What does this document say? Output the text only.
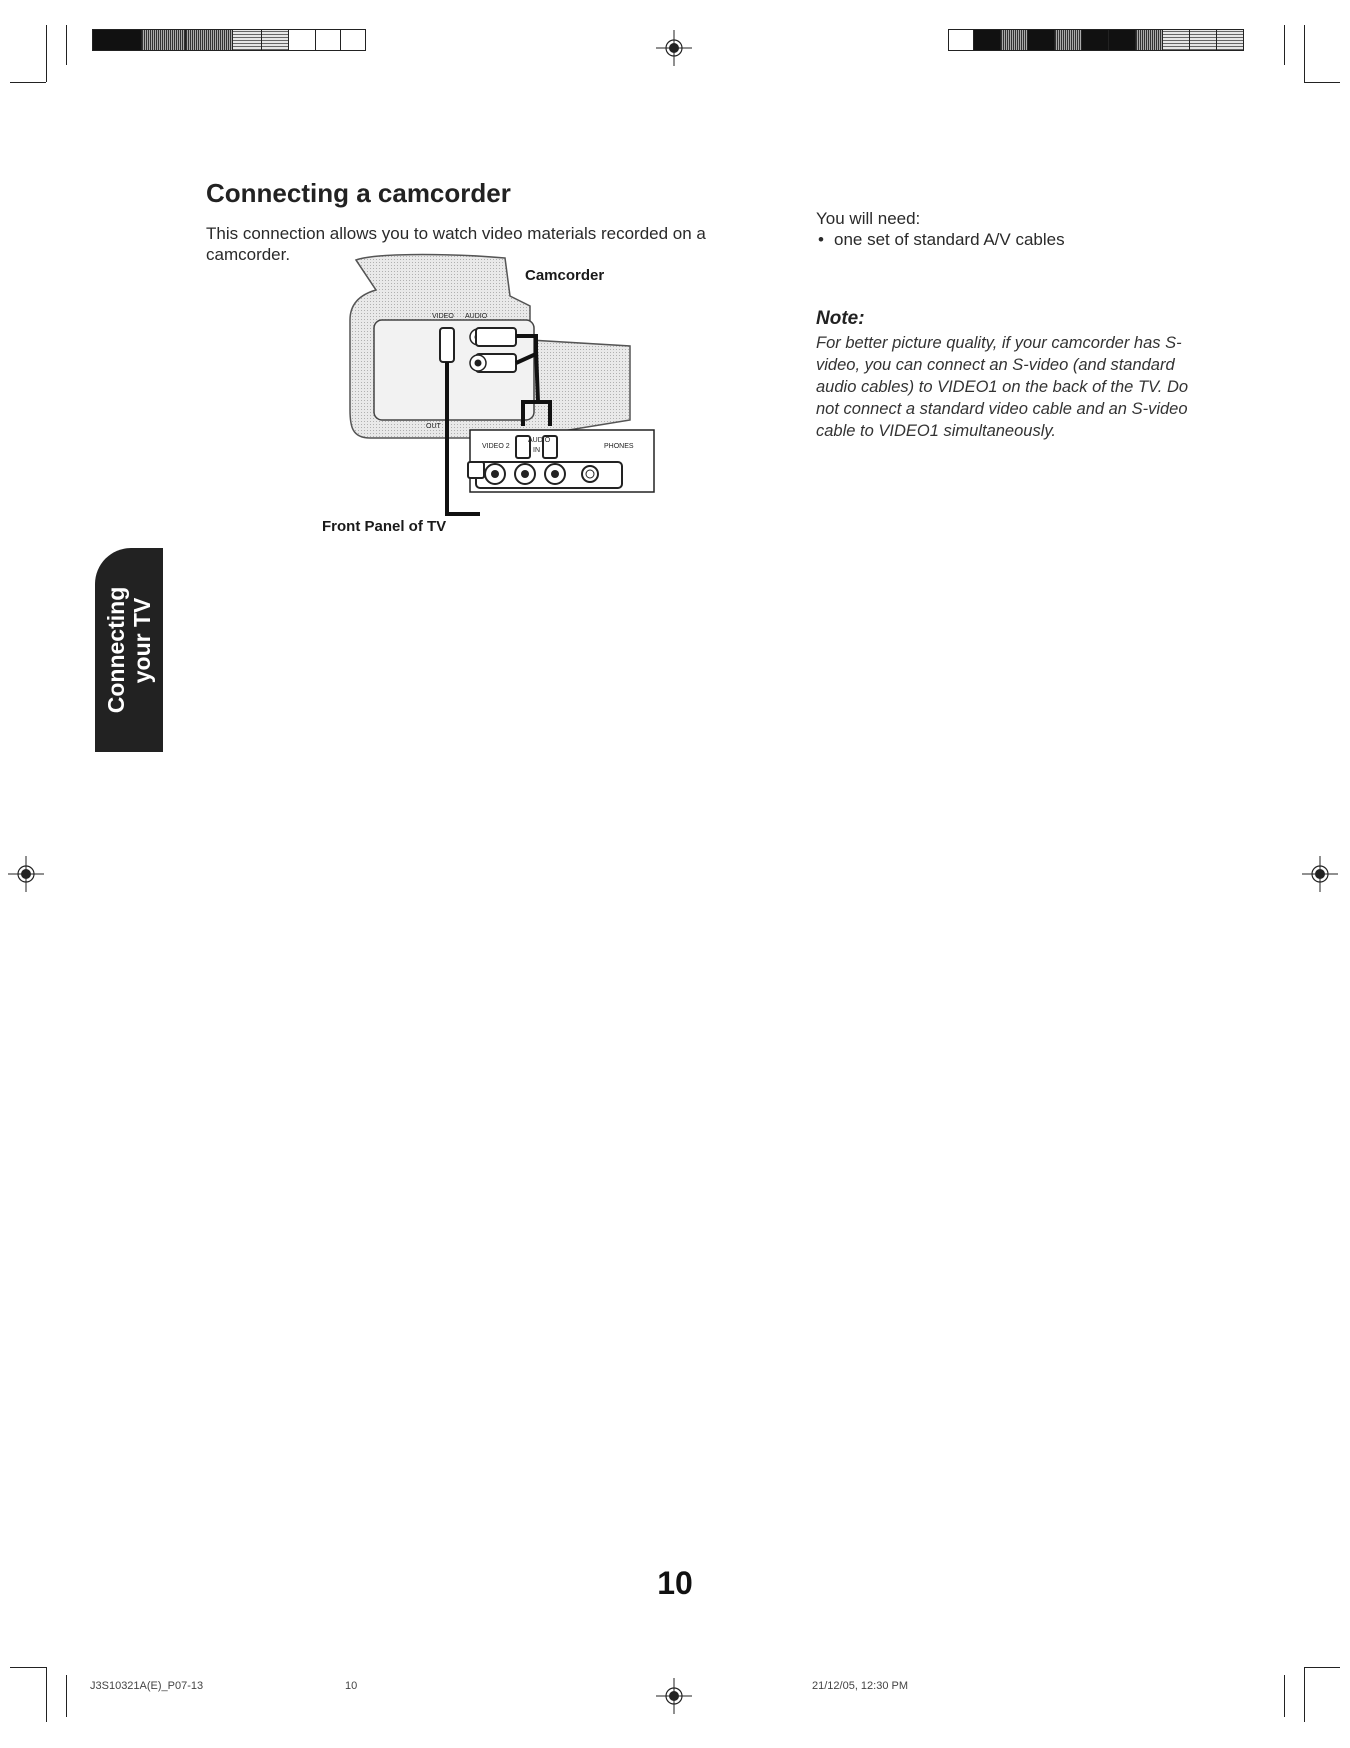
Connecting a camcorder

This connection allows you to watch video materials recorded on a camcorder.

You will need:
• one set of standard A/V cables
Note:

For better picture quality, if your camcorder has S-video, you can connect an S-video (and standard audio cables) to VIDEO1 on the back of the TV. Do not connect a standard video cable and an S-video cable to VIDEO1 simultaneously.

VIDEO AUDIO
OUT
VIDEO 2
AUDIO
IN
PHONES
Camcorder
Front Panel of TV
Connecting your TV
10
J3S10321A(E)_P07-13	10	21/12/05, 12:30 PM
